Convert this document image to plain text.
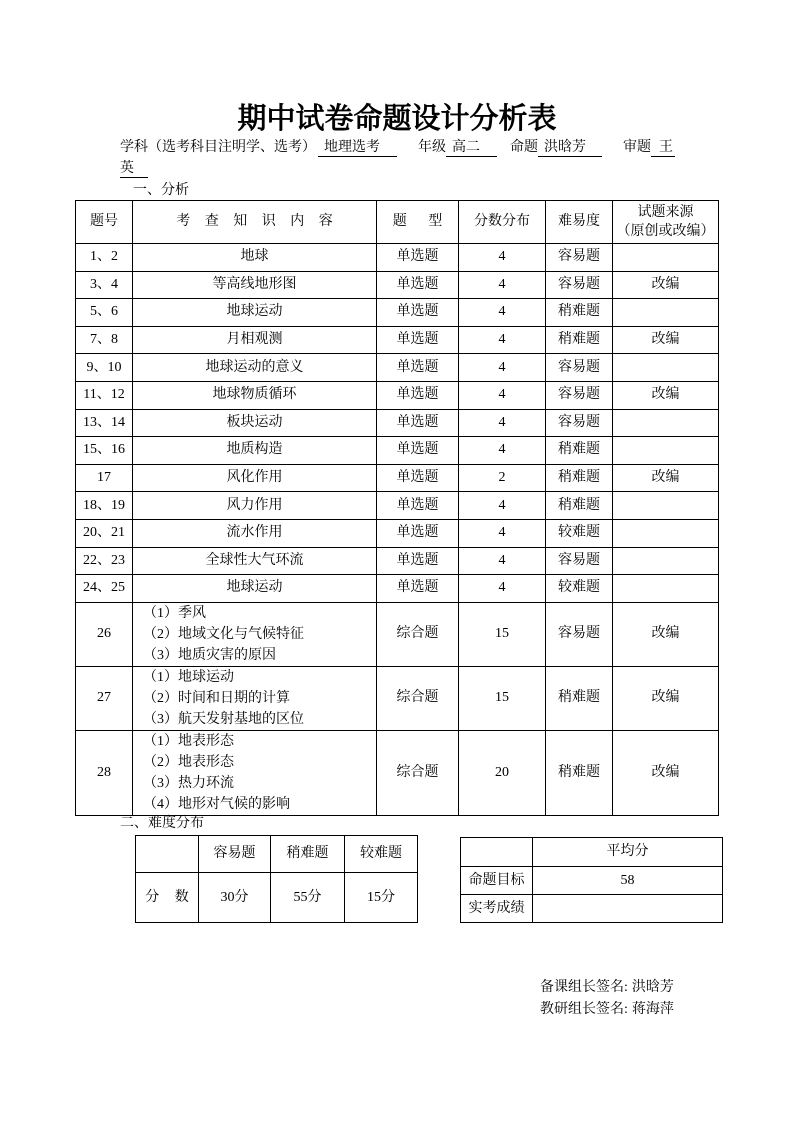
期中试卷命题设计分析表
学科（选考科目注明学、选考） 地理选考	年级 高二	命题 洪晗芳	审题 王
英
一、分析
题号	考 查 知 识 内 容	题 型	分数分布	难易度	试题来源
（原创或改编）

1、2	地球	单选题	4	容易题	
3、4	等高线地形图	单选题	4	容易题	改编
5、6	地球运动	单选题	4	稍难题	
7、8	月相观测	单选题	4	稍难题	改编
9、10	地球运动的意义	单选题	4	容易题	
11、12	地球物质循环	单选题	4	容易题	改编
13、14	板块运动	单选题	4	容易题	
15、16	地质构造	单选题	4	稍难题	
17	风化作用	单选题	2	稍难题	改编
18、19	风力作用	单选题	4	稍难题	
20、21	流水作用	单选题	4	较难题	
22、23	全球性大气环流	单选题	4	容易题	
24、25	地球运动	单选题	4	较难题	
26	（1）季风
（2）地域文化与气候特征
（3）地质灾害的原因	综合题	15	容易题	改编
27	（1）地球运动
（2）时间和日期的计算
（3）航天发射基地的区位	综合题	15	稍难题	改编
28	（1）地表形态
（2）地表形态
（3）热力环流
（4）地形对气候的影响	综合题	20	稍难题	改编
二、难度分布
	容易题	稍难题	较难题
分 数	30分	55分	15分
	平均分
命题目标	58
实考成绩	
备课组长签名: 洪晗芳
教研组长签名: 蒋海萍
